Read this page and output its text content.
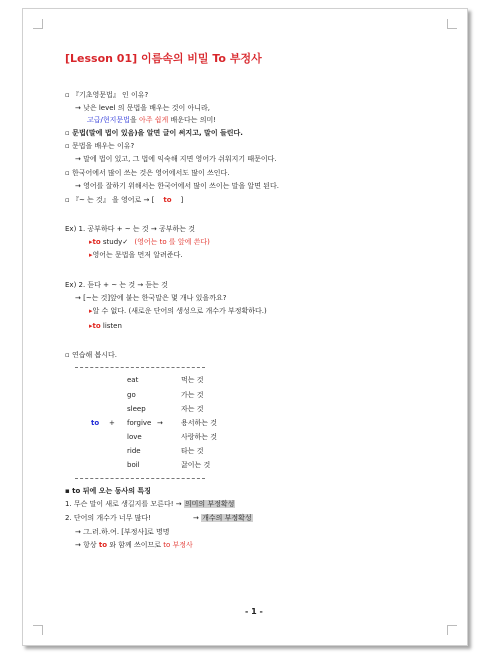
[Lesson 01] 이름속의 비밀 To 부정사
▫ 『기초영문법』 인 이유?
→ 낮은 level 의 문법을 배우는 것이 아니라,
고급/현지문법을 아주 쉽게 배운다는 의미!
▫ 문법(말에 법이 있음)을 알면 글이 써지고, 말이 들린다.
▫ 문법을 배우는 이유?
→ 말에 법이 있고, 그 법에 익숙해 지면 영어가 쉬워지기 때문이다.
▫ 한국어에서 많이 쓰는 것은 영어에서도 많이 쓰인다.
→ 영어를 잘하기 위해서는 한국어에서 많이 쓰이는 말을 알면 된다.
▫ 『~ 는 것』 을 영어로 → [ to ]
Ex) 1. 공부하다 + ~ 는 것 → 공부하는 것
▸to study✓ (영어는 to 를 앞에 쓴다)
▸영어는 문법을 먼저 알려준다.
Ex) 2. 듣다 + ~ 는 것 → 듣는 것
→ [~는 것]앞에 붙는 한국말은 몇 개나 있을까요?
▸알 수 없다. (새로운 단어의 생성으로 개수가 부정확하다.)
▸to listen
▫ 연습해 봅시다.
eat
go
sleep
forgive
love
ride
boil
먹는 것
가는 것
자는 것
용서하는 것
사랑하는 것
타는 것
끓이는 것
to +	→
▪ to 뒤에 오는 동사의 특징
1. 무슨 말이 새로 생길지를 모른다! → 의미의 부정확성
2. 단어의 개수가 너무 많다!	→ 개수의 부정확성
→ 그.러.하.여. [부정사]로 명명
→ 항상 to 와 함께 쓰이므로 to 부정사
- 1 -
